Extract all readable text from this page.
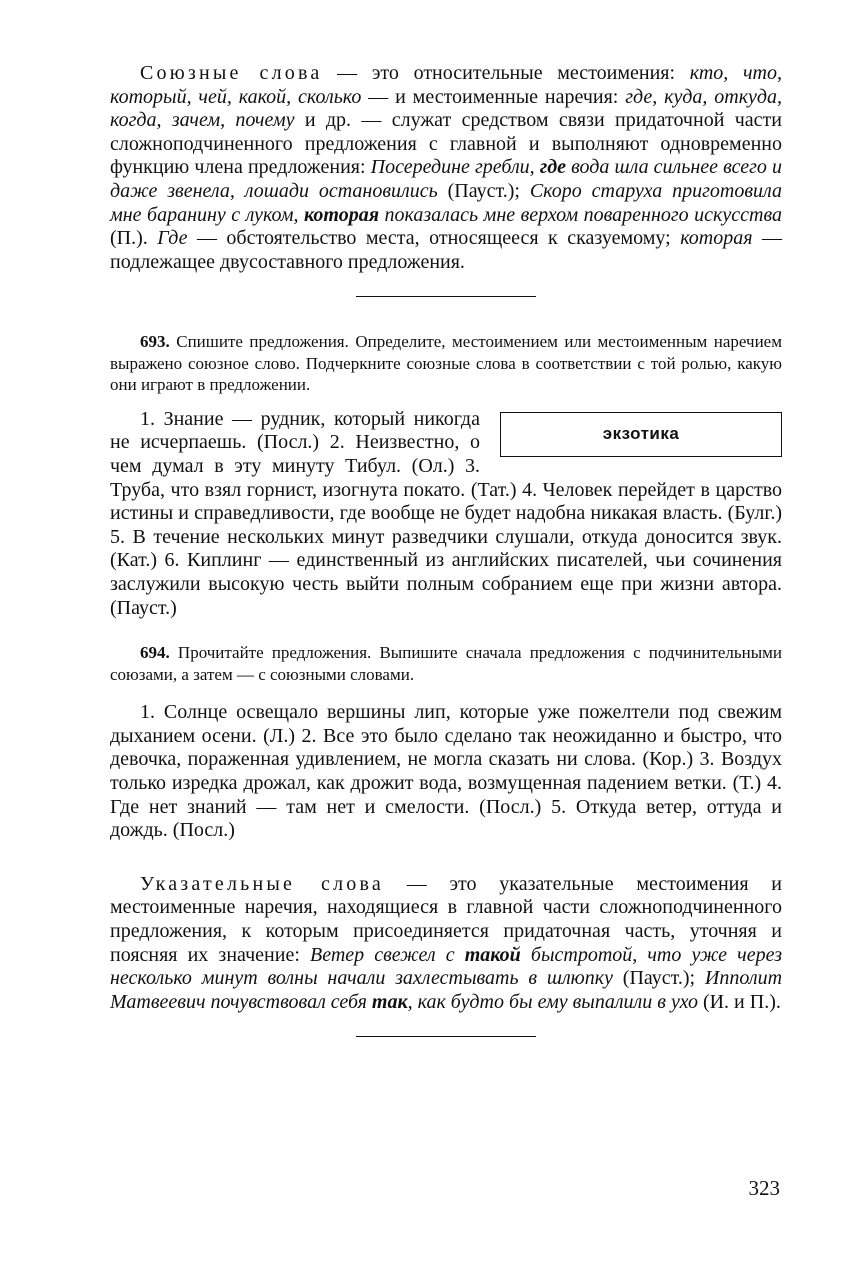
Союзные слова — это относительные местоимения: кто, что, который, чей, какой, сколько — и местоименные наречия: где, куда, откуда, когда, зачем, почему и др. — служат средством связи придаточной части сложноподчиненного предложения с главной и выполняют одновременно функцию члена предложения: Посередине гребли, где вода шла сильнее всего и даже звенела, лошади остановились (Пауст.); Скоро старуха приготовила мне баранину с луком, которая показалась мне верхом поваренного искусства (П.). Где — обстоятельство места, относящееся к сказуемому; которая — подлежащее двусоставного предложения.

693. Спишите предложения. Определите, местоимением или местоименным наречием выражено союзное слово. Подчеркните союзные слова в соответствии с той ролью, какую они играют в предложении.

экзотика

1. Знание — рудник, который никогда не исчерпаешь. (Посл.) 2. Неизвестно, о чем думал в эту минуту Тибул. (Ол.) 3. Труба, что взял горнист, изогнута покато. (Тат.) 4. Человек перейдет в царство истины и справедливости, где вообще не будет надобна никакая власть. (Булг.) 5. В течение нескольких минут разведчики слушали, откуда доносится звук. (Кат.) 6. Киплинг — единственный из английских писателей, чьи сочинения заслужили высокую честь выйти полным собранием еще при жизни автора. (Пауст.)

694. Прочитайте предложения. Выпишите сначала предложения с подчинительными союзами, а затем — с союзными словами.

1. Солнце освещало вершины лип, которые уже пожелтели под свежим дыханием осени. (Л.) 2. Все это было сделано так неожиданно и быстро, что девочка, пораженная удивлением, не могла сказать ни слова. (Кор.) 3. Воздух только изредка дрожал, как дрожит вода, возмущенная падением ветки. (Т.) 4. Где нет знаний — там нет и смелости. (Посл.) 5. Откуда ветер, оттуда и дождь. (Посл.)

Указательные слова — это указательные местоимения и местоименные наречия, находящиеся в главной части сложноподчиненного предложения, к которым присоединяется придаточная часть, уточняя и поясняя их значение: Ветер свежел с такой быстротой, что уже через несколько минут волны начали захлестывать в шлюпку (Пауст.); Ипполит Матвеевич почувствовал себя так, как будто бы ему выпалили в ухо (И. и П.).

323
